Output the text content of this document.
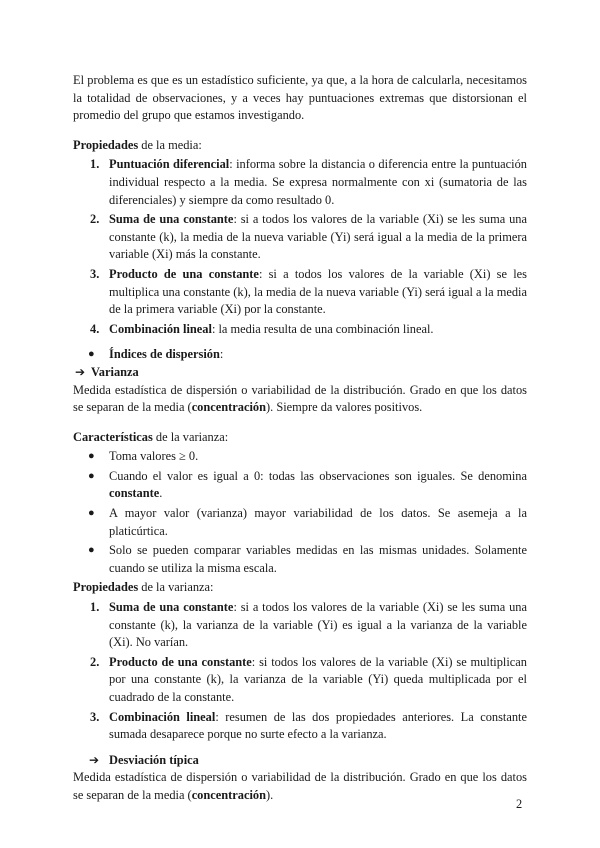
El problema es que es un estadístico suficiente, ya que, a la hora de calcularla, necesitamos la totalidad de observaciones, y a veces hay puntuaciones extremas que distorsionan el promedio del grupo que estamos investigando.

Propiedades de la media:

1. Puntuación diferencial: informa sobre la distancia o diferencia entre la puntuación individual respecto a la media. Se expresa normalmente con xi (sumatoria de las diferenciales) y siempre da como resultado 0.
2. Suma de una constante: si a todos los valores de la variable (Xi) se les suma una constante (k), la media de la nueva variable (Yi) será igual a la media de la primera variable (Xi) más la constante.
3. Producto de una constante: si a todos los valores de la variable (Xi) se les multiplica una constante (k), la media de la nueva variable (Yi) será igual a la media de la primera variable (Xi) por la constante.
4. Combinación lineal: la media resulta de una combinación lineal.

● Índices de dispersión:

➔ Varianza

Medida estadística de dispersión o variabilidad de la distribución. Grado en que los datos se separan de la media (concentración). Siempre da valores positivos.

Características de la varianza:

● Toma valores ≥ 0.
● Cuando el valor es igual a 0: todas las observaciones son iguales. Se denomina constante.
● A mayor valor (varianza) mayor variabilidad de los datos. Se asemeja a la platicúrtica.
● Solo se pueden comparar variables medidas en las mismas unidades. Solamente cuando se utiliza la misma escala.

Propiedades de la varianza:

1. Suma de una constante: si a todos los valores de la variable (Xi) se les suma una constante (k), la varianza de la variable (Yi) es igual a la varianza de la variable (Xi). No varían.
2. Producto de una constante: si todos los valores de la variable (Xi) se multiplican por una constante (k), la varianza de la variable (Yi) queda multiplicada por el cuadrado de la constante.
3. Combinación lineal: resumen de las dos propiedades anteriores. La constante sumada desaparece porque no surte efecto a la varianza.

➔ Desviación típica

Medida estadística de dispersión o variabilidad de la distribución. Grado en que los datos se separan de la media (concentración).

2
